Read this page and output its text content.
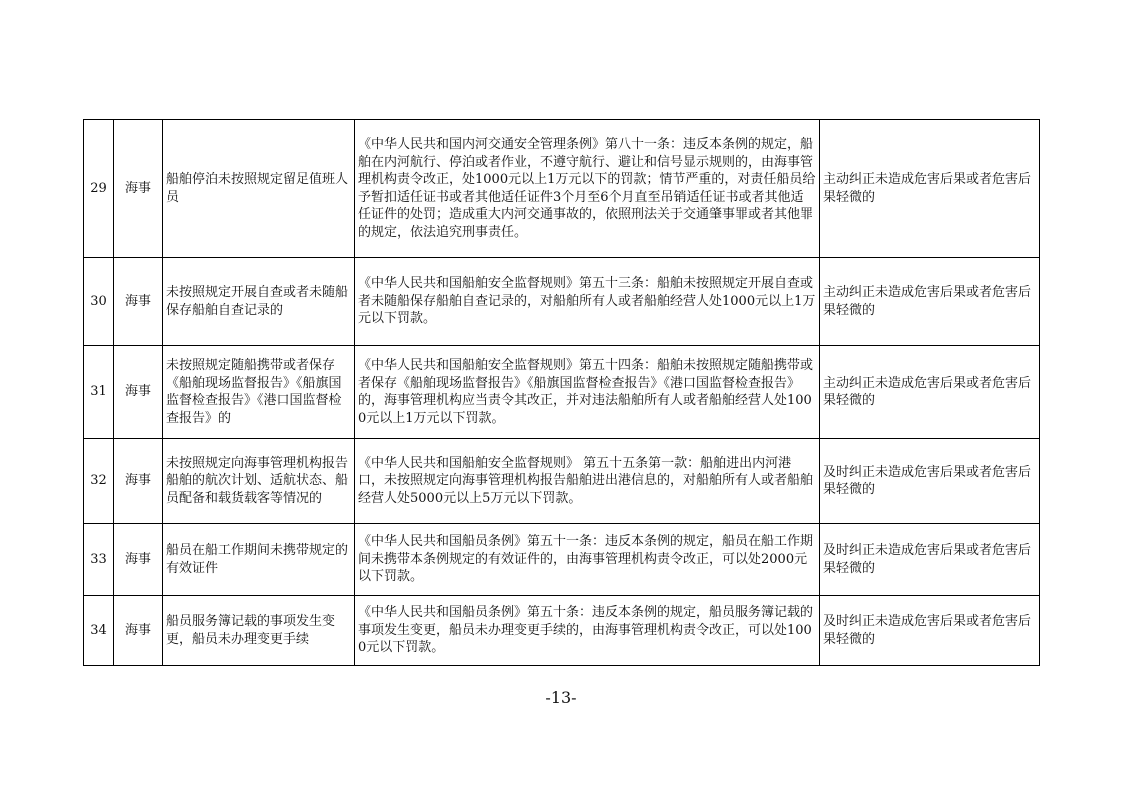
29	海事	船舶停泊未按照规定留足值班人员	《中华人民共和国内河交通安全管理条例》第八十一条：违反本条例的规定，船舶在内河航行、停泊或者作业，不遵守航行、避让和信号显示规则的，由海事管理机构责令改正，处1000元以上1万元以下的罚款；情节严重的，对责任船员给予暂扣适任证书或者其他适任证件3个月至6个月直至吊销适任证书或者其他适任证件的处罚；造成重大内河交通事故的，依照刑法关于交通肇事罪或者其他罪的规定，依法追究刑事责任。	主动纠正未造成危害后果或者危害后果轻微的
30	海事	未按照规定开展自查或者未随船保存船舶自查记录的	《中华人民共和国船舶安全监督规则》第五十三条：船舶未按照规定开展自查或者未随船保存船舶自查记录的，对船舶所有人或者船舶经营人处1000元以上1万元以下罚款。	主动纠正未造成危害后果或者危害后果轻微的
31	海事	未按照规定随船携带或者保存《船舶现场监督报告》《船旗国监督检查报告》《港口国监督检查报告》的	《中华人民共和国船舶安全监督规则》第五十四条：船舶未按照规定随船携带或者保存《船舶现场监督报告》《船旗国监督检查报告》《港口国监督检查报告》的，海事管理机构应当责令其改正，并对违法船舶所有人或者船舶经营人处1000元以上1万元以下罚款。	主动纠正未造成危害后果或者危害后果轻微的
32	海事	未按照规定向海事管理机构报告船舶的航次计划、适航状态、船员配备和载货载客等情况的	《中华人民共和国船舶安全监督规则》 第五十五条第一款：船舶进出内河港口，未按照规定向海事管理机构报告船舶进出港信息的，对船舶所有人或者船舶经营人处5000元以上5万元以下罚款。	及时纠正未造成危害后果或者危害后果轻微的
33	海事	船员在船工作期间未携带规定的有效证件	《中华人民共和国船员条例》第五十一条：违反本条例的规定，船员在船工作期间未携带本条例规定的有效证件的，由海事管理机构责令改正，可以处2000元以下罚款。	及时纠正未造成危害后果或者危害后果轻微的
34	海事	船员服务簿记载的事项发生变更，船员未办理变更手续	《中华人民共和国船员条例》第五十条：违反本条例的规定，船员服务簿记载的事项发生变更，船员未办理变更手续的，由海事管理机构责令改正，可以处1000元以下罚款。	及时纠正未造成危害后果或者危害后果轻微的
-13-
